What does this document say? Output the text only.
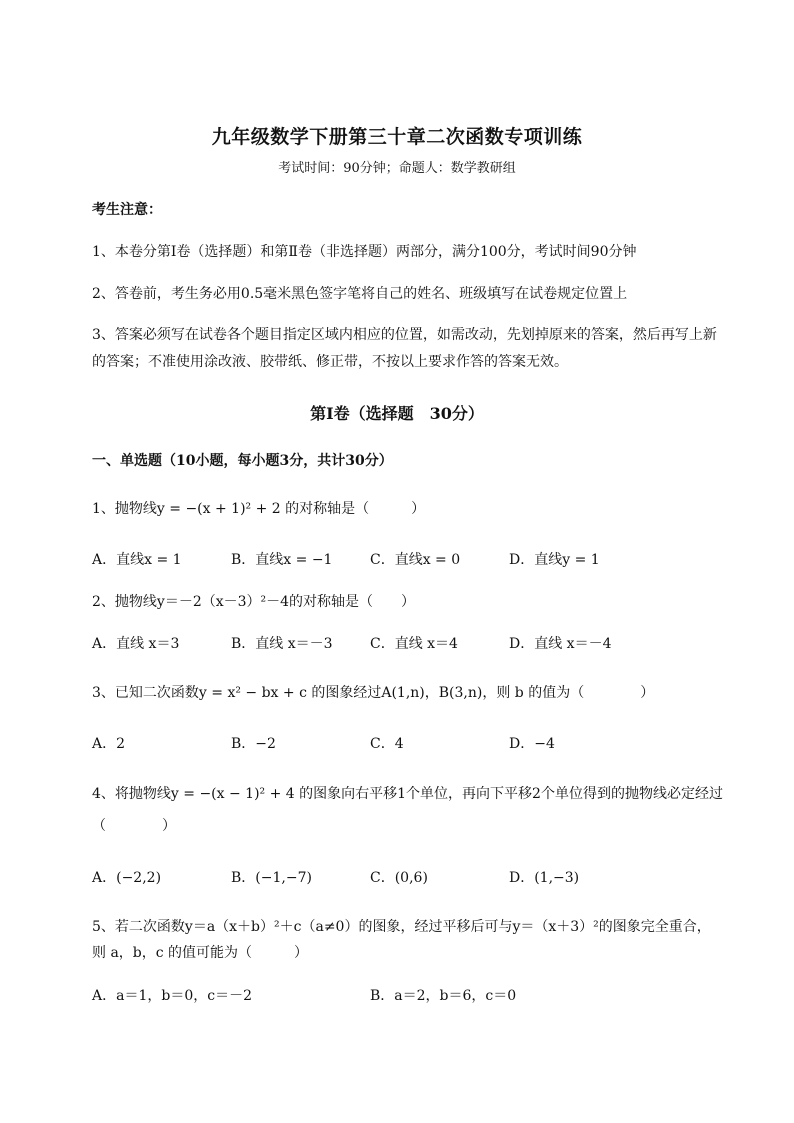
九年级数学下册第三十章二次函数专项训练
考试时间：90分钟；命题人：数学教研组
考生注意：
1、本卷分第I卷（选择题）和第Ⅱ卷（非选择题）两部分，满分100分，考试时间90分钟
2、答卷前，考生务必用0.5毫米黑色签字笔将自己的姓名、班级填写在试卷规定位置上
3、答案必须写在试卷各个题目指定区域内相应的位置，如需改动，先划掉原来的答案，然后再写上新
的答案；不准使用涂改液、胶带纸、修正带，不按以上要求作答的答案无效。
第I卷（选择题　30分）
一、单选题（10小题，每小题3分，共计30分）
1、抛物线y = −(x + 1)² + 2 的对称轴是（　　　）
A．直线x = 1	B．直线x = −1	C．直线x = 0	D．直线y = 1
2、抛物线y＝－2（x－3）²－4的对称轴是（　　）
A．直线 x＝3	B．直线 x＝－3	C．直线 x＝4	D．直线 x＝－4
3、已知二次函数y = x² − bx + c 的图象经过A(1,n)，B(3,n)，则 b 的值为（　　　　）
A．2	B．−2	C．4	D．−4
4、将抛物线y = −(x − 1)² + 4 的图象向右平移1个单位，再向下平移2个单位得到的抛物线必定经过
（　　　　）
A．(−2,2)	B．(−1,−7)	C．(0,6)	D．(1,−3)
5、若二次函数y＝a（x＋b）²＋c（a≠0）的图象，经过平移后可与y＝（x＋3）²的图象完全重合，
则 a，b，c 的值可能为（　　　）
A．a＝1，b＝0，c＝－2	B．a＝2，b＝6，c＝0
